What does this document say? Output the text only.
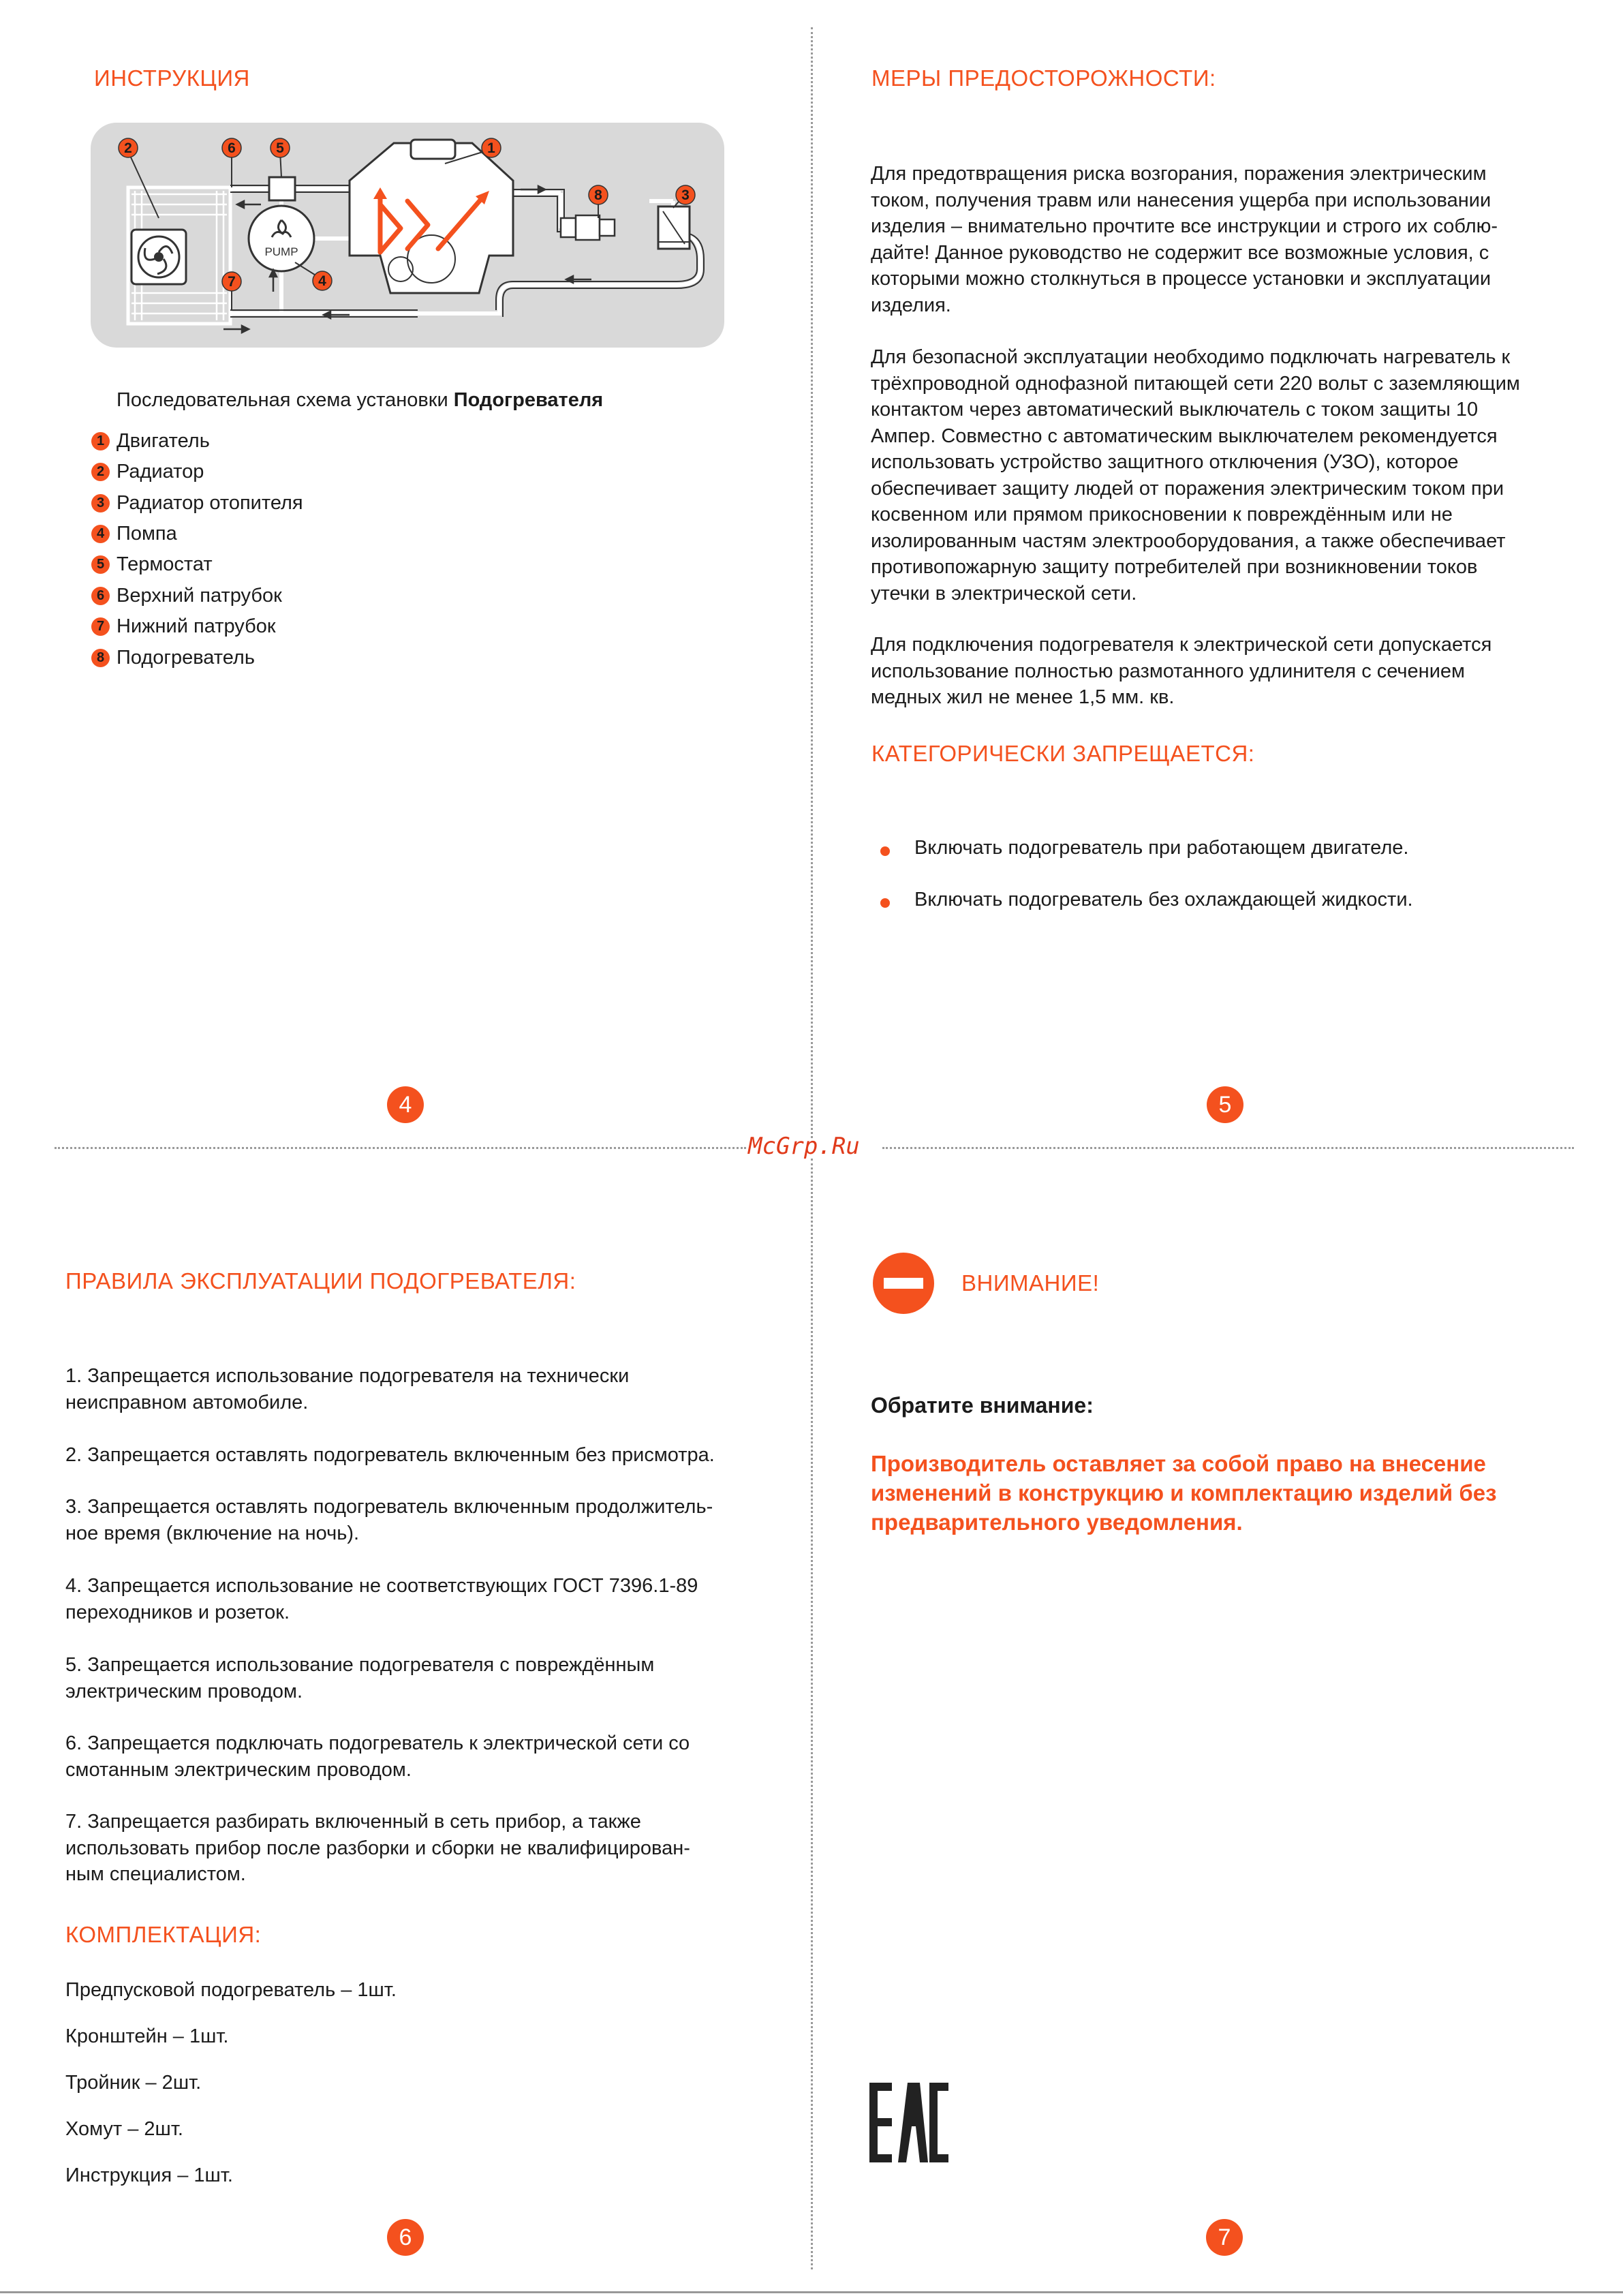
McGrp.Ru
ИНСТРУКЦИЯ
PUMP
2	6	5	1
8	3
7	4
Последовательная схема установки Подогревателя
1 Двигатель
2 Радиатор
3 Радиатор отопителя
4 Помпа
5 Термостат
6 Верхний патрубок
7 Нижний патрубок
8 Подогреватель
4
МЕРЫ ПРЕДОСТОРОЖНОСТИ:
Для предотвращения риска возгорания, поражения электрическим
током, получения травм или нанесения ущерба при использовании
изделия – внимательно прочтите все инструкции и строго их соблю-
дайте! Данное руководство не содержит все возможные условия, с
которыми можно столкнуться в процессе установки и эксплуатации
изделия.
Для безопасной эксплуатации необходимо подключать нагреватель к
трёхпроводной однофазной питающей сети 220 вольт с заземляющим
контактом через автоматический выключатель с током защиты 10
Ампер. Совместно с автоматическим выключателем рекомендуется
использовать устройство защитного отключения (УЗО), которое
обеспечивает защиту людей от поражения электрическим током при
косвенном или прямом прикосновении к повреждённым или не
изолированным частям электрооборудования, а также обеспечивает
противопожарную защиту потребителей при возникновении токов
утечки в электрической сети.
Для подключения подогревателя к электрической сети допускается
использование полностью размотанного удлинителя с сечением
медных жил не менее 1,5 мм. кв.
КАТЕГОРИЧЕСКИ ЗАПРЕЩАЕТСЯ:
Включать подогреватель при работающем двигателе.
Включать подогреватель без охлаждающей жидкости.
5
ПРАВИЛА ЭКСПЛУАТАЦИИ ПОДОГРЕВАТЕЛЯ:
1. Запрещается использование подогревателя на технически
неисправном автомобиле.
2. Запрещается оставлять подогреватель включенным без присмотра.
3. Запрещается оставлять подогреватель включенным продолжитель-
ное время (включение на ночь).
4. Запрещается использование не соответствующих ГОСТ 7396.1-89
переходников и розеток.
5. Запрещается использование подогревателя с повреждённым
электрическим проводом.
6. Запрещается подключать подогреватель к электрической сети со
смотанным электрическим проводом.
7. Запрещается разбирать включенный в сеть прибор, а также
использовать прибор после разборки и сборки не квалифицирован-
ным специалистом.
КОМПЛЕКТАЦИЯ:
Предпусковой подогреватель – 1шт.
Кронштейн – 1шт.
Тройник – 2шт.
Хомут – 2шт.
Инструкция – 1шт.
6
ВНИМАНИЕ!
Обратите внимание:
Производитель оставляет за собой право на внесение
изменений в конструкцию и комплектацию изделий без
предварительного уведомления.
7
